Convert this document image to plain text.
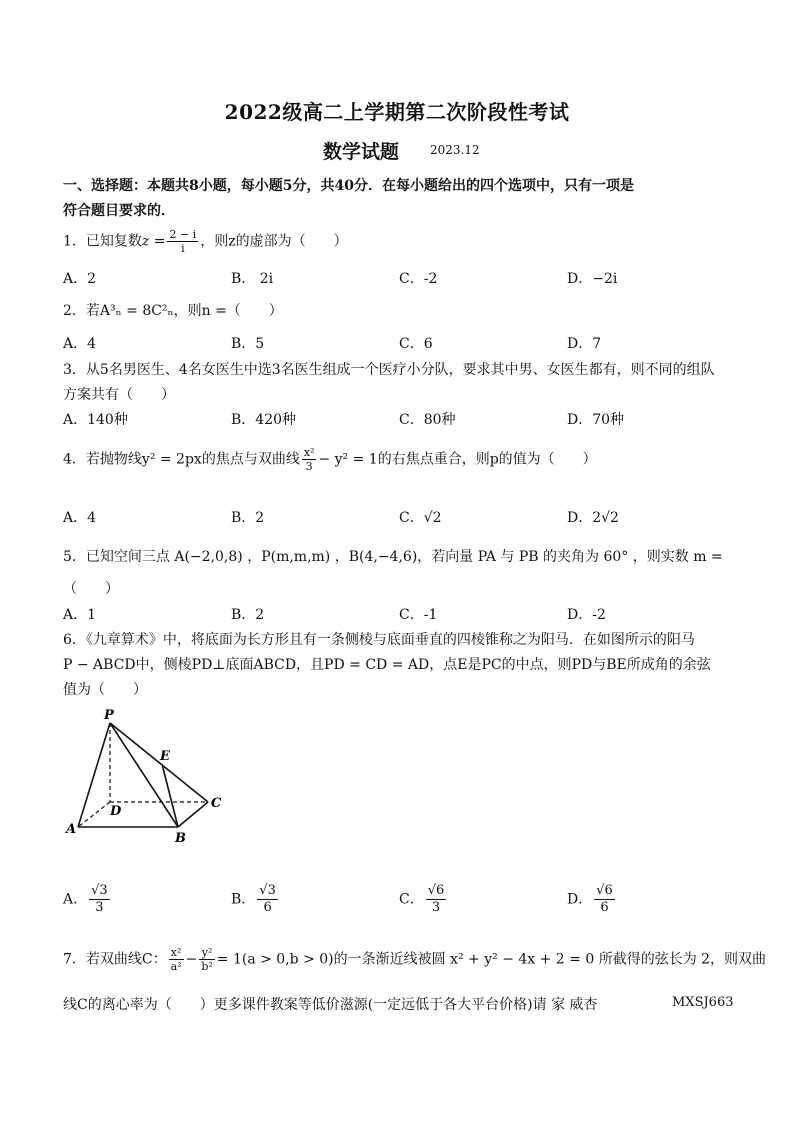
2022级高二上学期第二次阶段性考试
数学试题	2023.12
一、选择题：本题共8小题，每小题5分，共40分．在每小题给出的四个选项中，只有一项是
符合题目要求的．
1．已知复数$z = \frac{2 - i}{i}$ ，则z的虚部为（　　）
A．2	B． 2i	C．-2	D．−2i
2．若A³ₙ = 8C²ₙ，则n =（　　）
A．4	B．5	C．6	D．7
3．从5名男医生、4名女医生中选3名医生组成一个医疗小分队，要求其中男、女医生都有，则不同的组队
方案共有（　　）
A．140种	B．420种	C．80种	D．70种
4．若抛物线y² = 2px的焦点与双曲线 $\frac{\text{x²}}{3} - y^2 = 1$的右焦点重合，则p的值为（　　）
A．4	B．2	C．√2	D．2√2
5．已知空间三点 A(−2,0,8) ，P(m,m,m) ，B(4,−4,6)，若向量 PA 与 PB 的夹角为 60° ，则实数 m =
（　　）
A．1	B．2	C．-1	D．-2
6．《九章算术》中，将底面为长方形且有一条侧棱与底面垂直的四棱锥称之为阳马．在如图所示的阳马
P − ABCD中，侧棱PD⊥底面ABCD，且PD = CD = AD，点E是PC的中点，则PD与BE所成角的余弦
值为（　　）
P
E
D
C
A
B
A． $\frac{√3}{3}$	B． $\frac{√3}{6}$	C． $\frac{√6}{3}$	D． $\frac{√6}{6}$
7．若双曲线C： $\frac{\text{x²}}{\text{a²}} - \frac{\text{y²}}{\text{b²}} = 1(a > 0,b > 0)$的一条渐近线被圆 x² + y² − 4x + 2 = 0 所截得的弦长为 2，则双曲
线C的离心率为（　　）更多课件教案等低价滋源(一定远低于各大平台价格)请 家 威杏	MXSJ663
